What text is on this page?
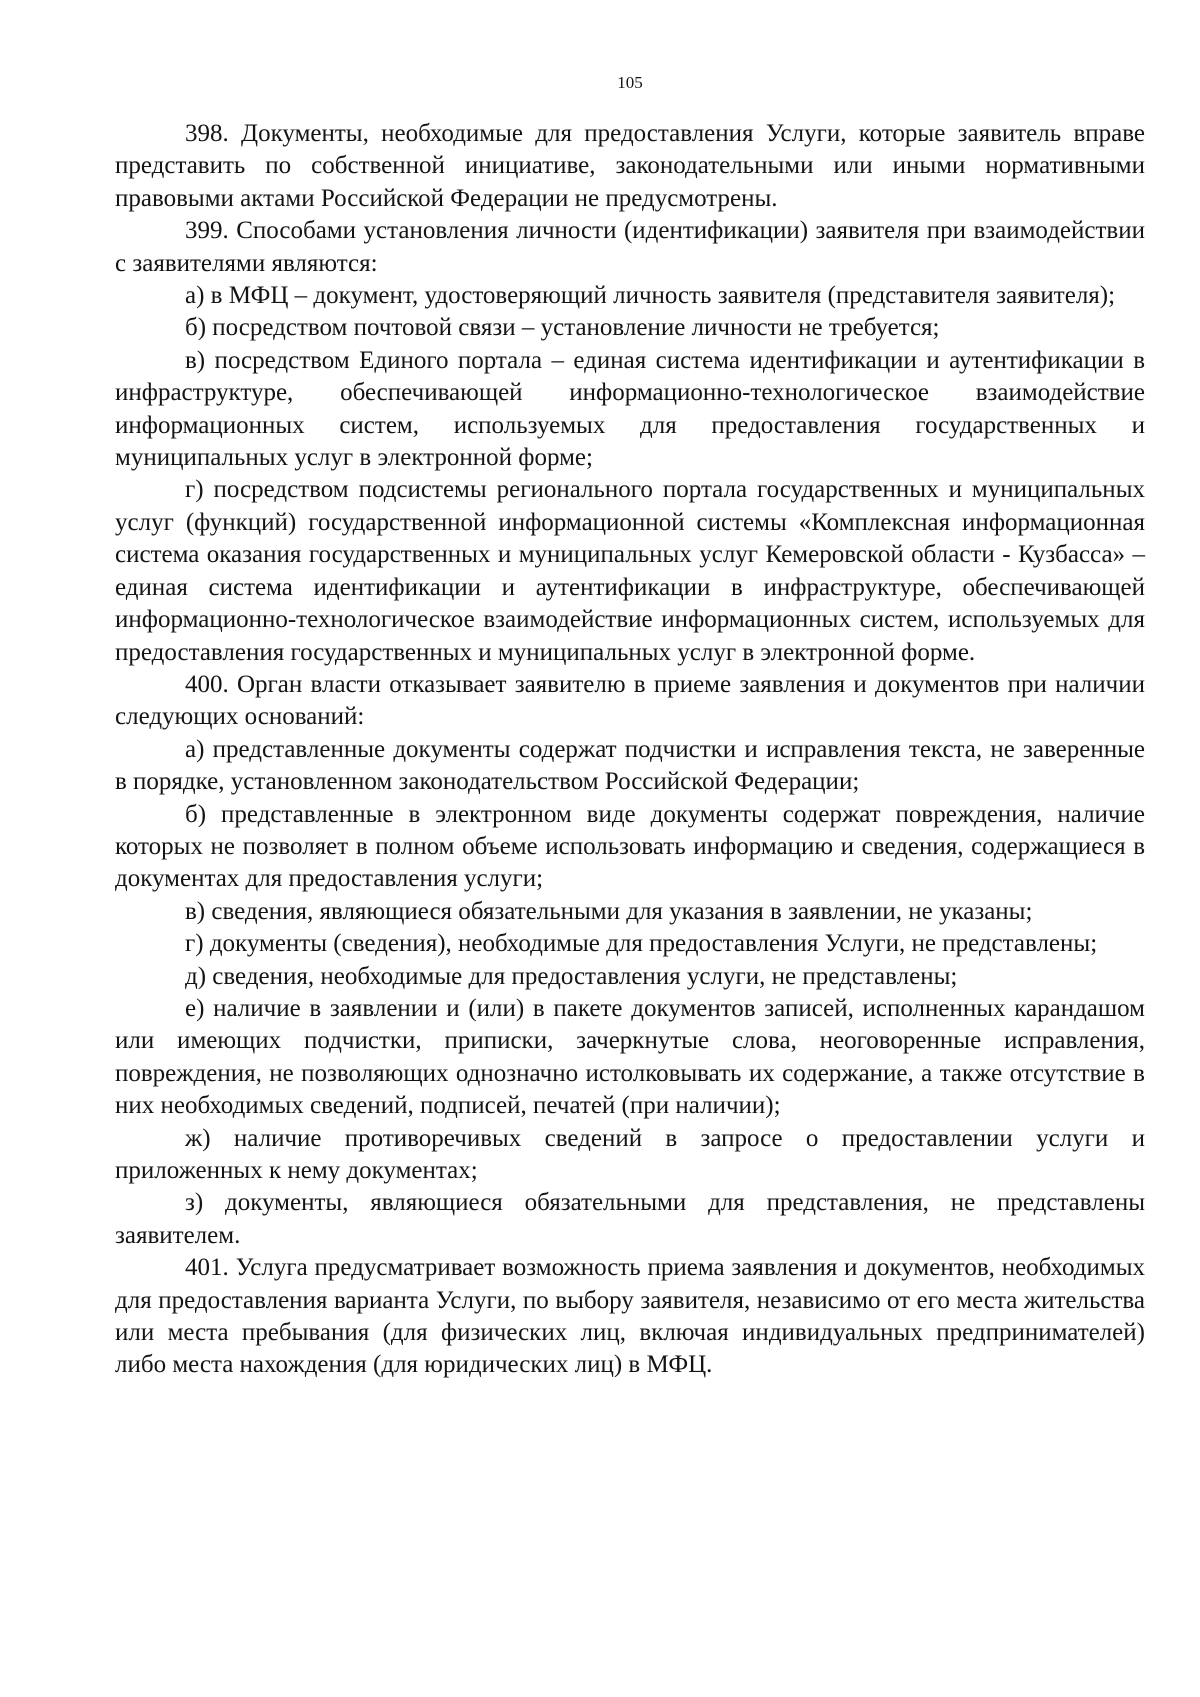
105

398. Документы, необходимые для предоставления Услуги, которые заявитель вправе представить по собственной инициативе, законодательными или иными нормативными правовыми актами Российской Федерации не предусмотрены.

399. Способами установления личности (идентификации) заявителя при взаимодействии с заявителями являются:

а) в МФЦ – документ, удостоверяющий личность заявителя (представителя заявителя);

б) посредством почтовой связи – установление личности не требуется;

в) посредством Единого портала – единая система идентификации и аутентификации в инфраструктуре, обеспечивающей информационно-технологическое взаимодействие информационных систем, используемых для предоставления государственных и муниципальных услуг в электронной форме;

г) посредством подсистемы регионального портала государственных и муниципальных услуг (функций) государственной информационной системы «Комплексная информационная система оказания государственных и муниципальных услуг Кемеровской области - Кузбасса» – единая система идентификации и аутентификации в инфраструктуре, обеспечивающей информационно-технологическое взаимодействие информационных систем, используемых для предоставления государственных и муниципальных услуг в электронной форме.

400. Орган власти отказывает заявителю в приеме заявления и документов при наличии следующих оснований:

а) представленные документы содержат подчистки и исправления текста, не заверенные в порядке, установленном законодательством Российской Федерации;

б) представленные в электронном виде документы содержат повреждения, наличие которых не позволяет в полном объеме использовать информацию и сведения, содержащиеся в документах для предоставления услуги;

в) сведения, являющиеся обязательными для указания в заявлении, не указаны;

г) документы (сведения), необходимые для предоставления Услуги, не представлены;

д) сведения, необходимые для предоставления услуги, не представлены;

е) наличие в заявлении и (или) в пакете документов записей, исполненных карандашом или имеющих подчистки, приписки, зачеркнутые слова, неоговоренные исправления, повреждения, не позволяющих однозначно истолковывать их содержание, а также отсутствие в них необходимых сведений, подписей, печатей (при наличии);

ж) наличие противоречивых сведений в запросе о предоставлении услуги и приложенных к нему документах;

з) документы, являющиеся обязательными для представления, не представлены заявителем.

401. Услуга предусматривает возможность приема заявления и документов, необходимых для предоставления варианта Услуги, по выбору заявителя, независимо от его места жительства или места пребывания (для физических лиц, включая индивидуальных предпринимателей) либо места нахождения (для юридических лиц) в МФЦ.
